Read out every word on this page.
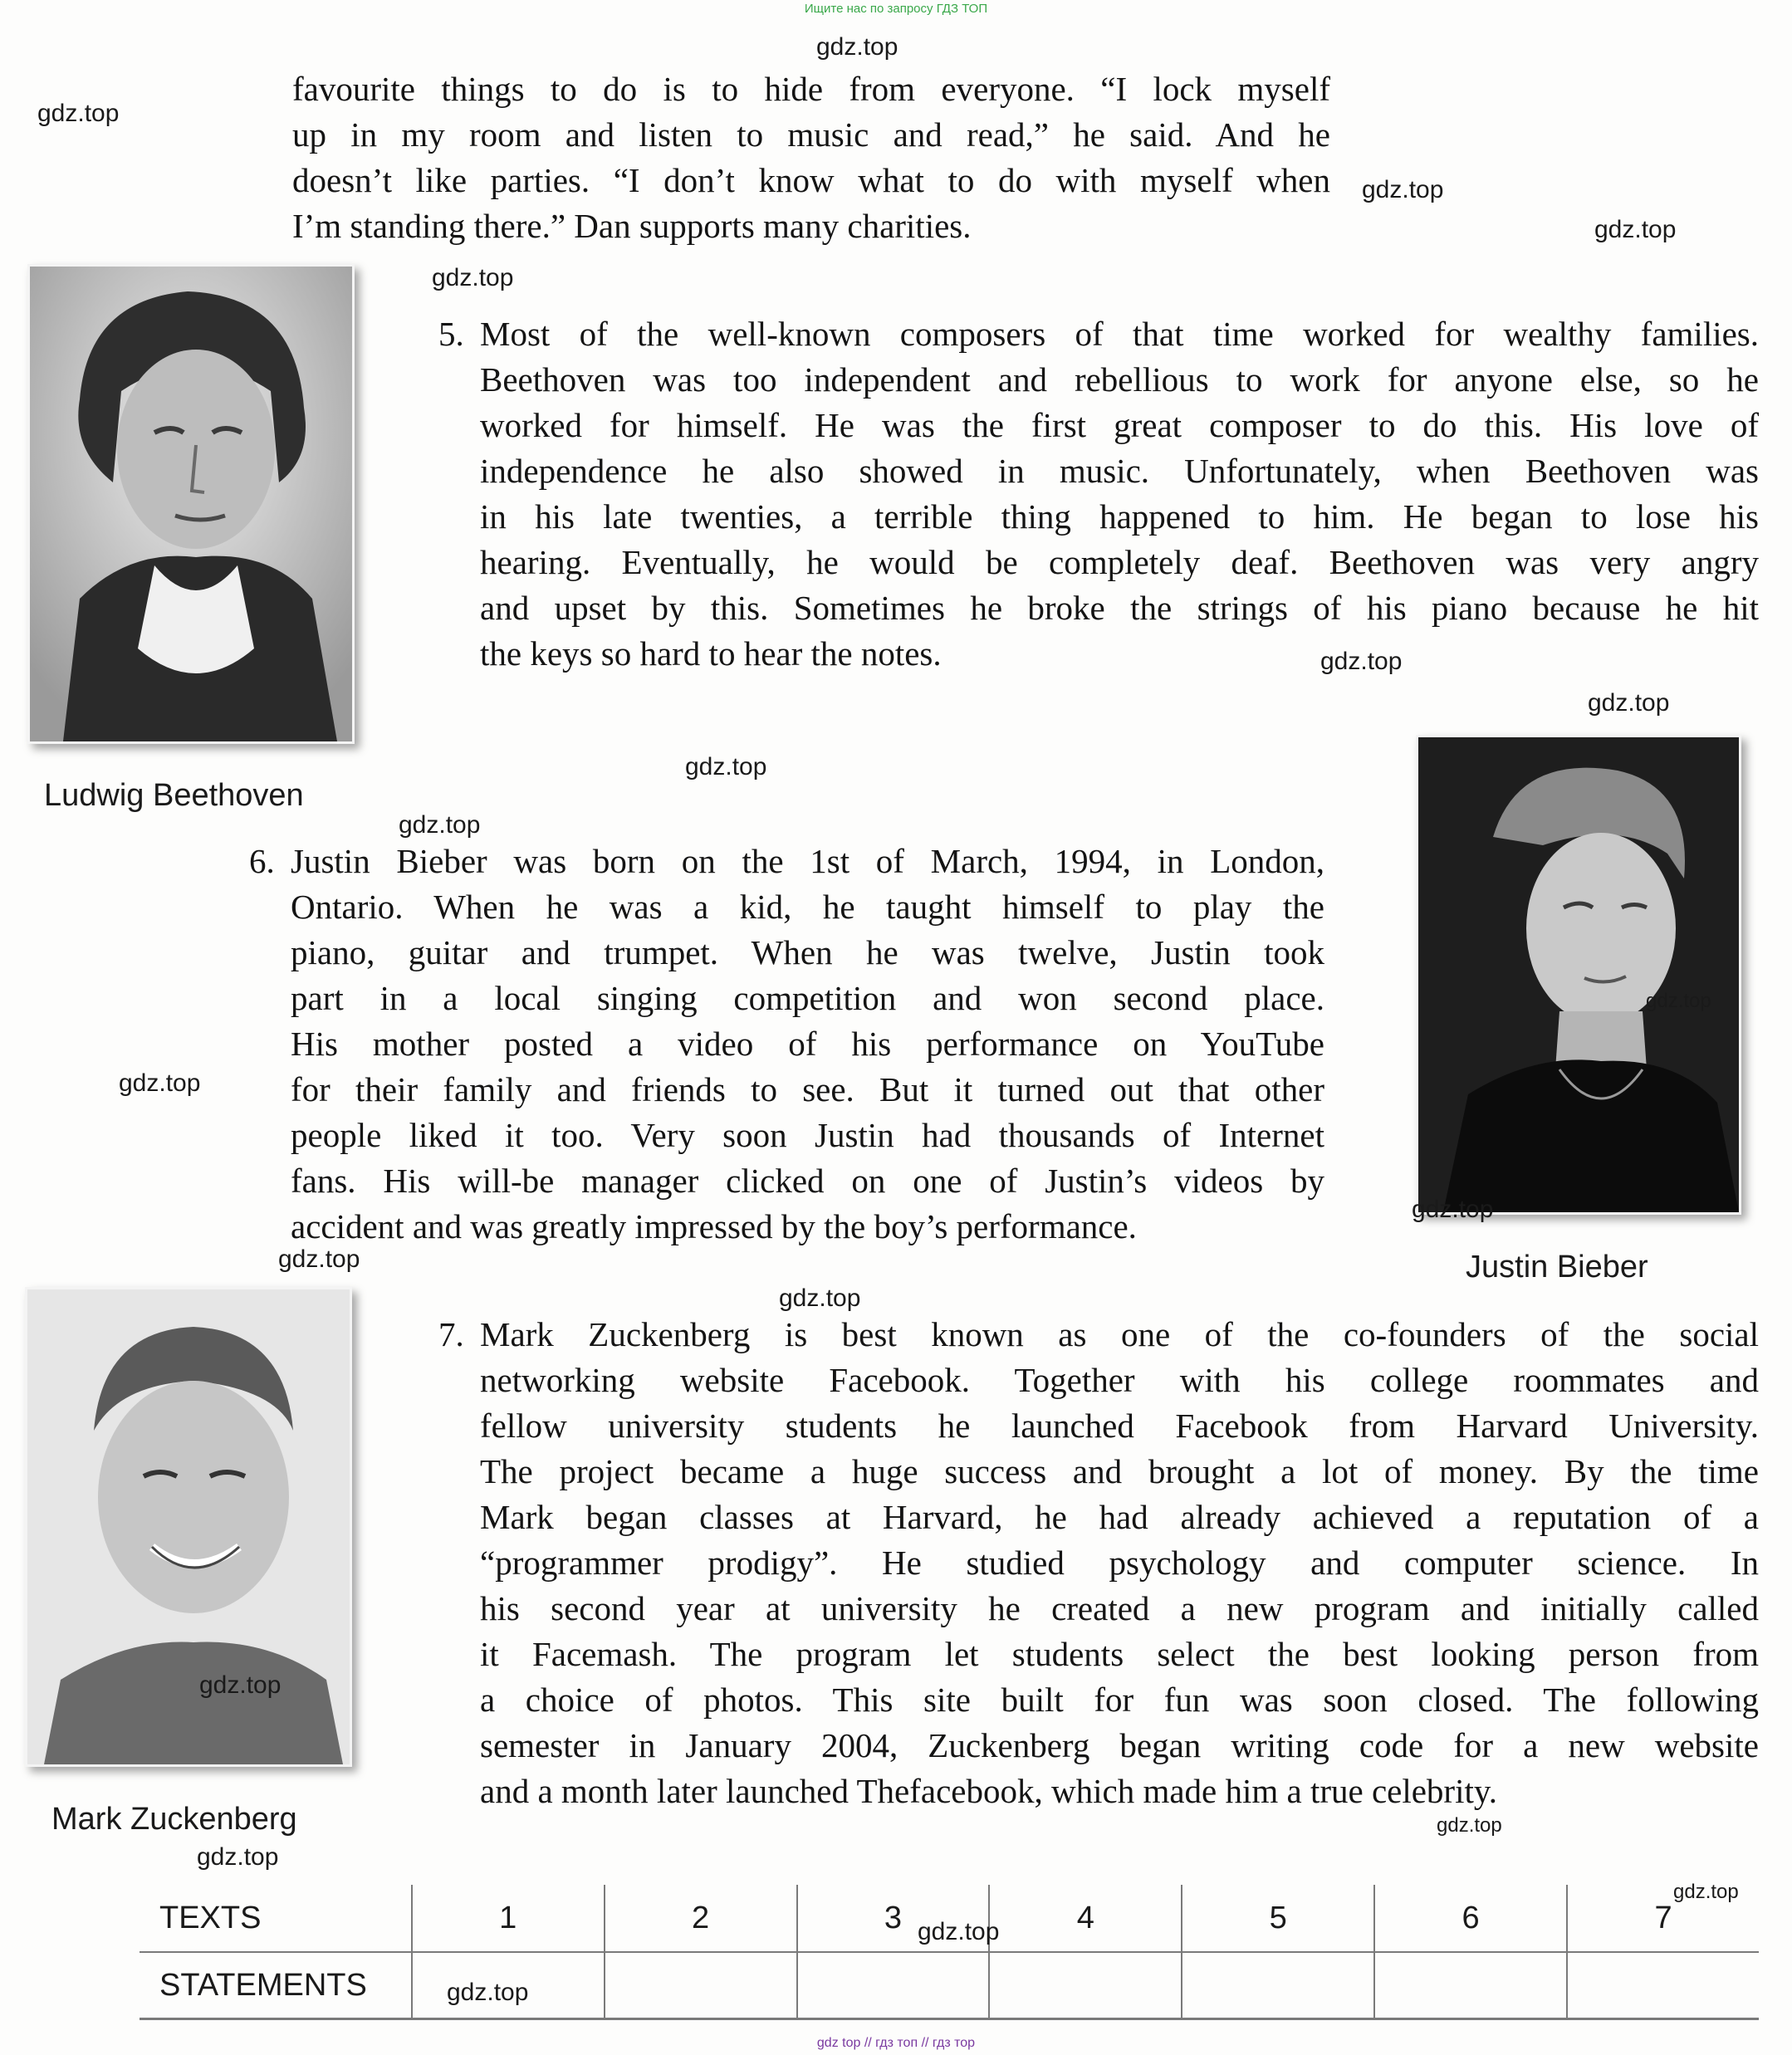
Ищите нас по запросу ГДЗ ТОП
favourite things to do is to hide from everyone. “I lock myself
up in my room and listen to music and read,” he said. And he
doesn’t like parties. “I don’t know what to do with myself when
I’m standing there.” Dan supports many charities.
Ludwig Beethoven
5. Most of the well-known composers of that time worked for wealthy families.
Beethoven was too independent and rebellious to work for anyone else, so he
worked for himself. He was the first great composer to do this. His love of
independence he also showed in music. Unfortunately, when Beethoven was
in his late twenties, a terrible thing happened to him. He began to lose his
hearing. Eventually, he would be completely deaf. Beethoven was very angry
and upset by this. Sometimes he broke the strings of his piano because he hit
the keys so hard to hear the notes.
6. Justin Bieber was born on the 1st of March, 1994, in London,
Ontario. When he was a kid, he taught himself to play the
piano, guitar and trumpet. When he was twelve, Justin took
part in a local singing competition and won second place.
His mother posted a video of his performance on YouTube
for their family and friends to see. But it turned out that other
people liked it too. Very soon Justin had thousands of Internet
fans. His will-be manager clicked on one of Justin’s videos by
accident and was greatly impressed by the boy’s performance.
Justin Bieber
Mark Zuckenberg
7. Mark Zuckenberg is best known as one of the co-founders of the social
networking website Facebook. Together with his college roommates and
fellow university students he launched Facebook from Harvard University.
The project became a huge success and brought a lot of money. By the time
Mark began classes at Harvard, he had already achieved a reputation of a
“programmer prodigy”. He studied psychology and computer science. In
his second year at university he created a new program and initially called
it Facemash. The program let students select the best looking person from
a choice of photos. This site built for fun was soon closed. The following
semester in January 2004, Zuckenberg began writing code for a new website
and a month later launched Thefacebook, which made him a true celebrity.
TEXTS	1	2	3	4	5	6	7
STATEMENTS							
gdz.top
gdz.top
gdz.top
gdz.top
gdz.top
gdz.top
gdz.top
gdz.top
gdz.top
gdz.top
gdz.top
gdz.top
gdz.top
gdz.top
gdz.top
gdz.top
gdz.top
gdz.top
gdz.top
gdz.top
gdz top // гдз топ // гдз тор
